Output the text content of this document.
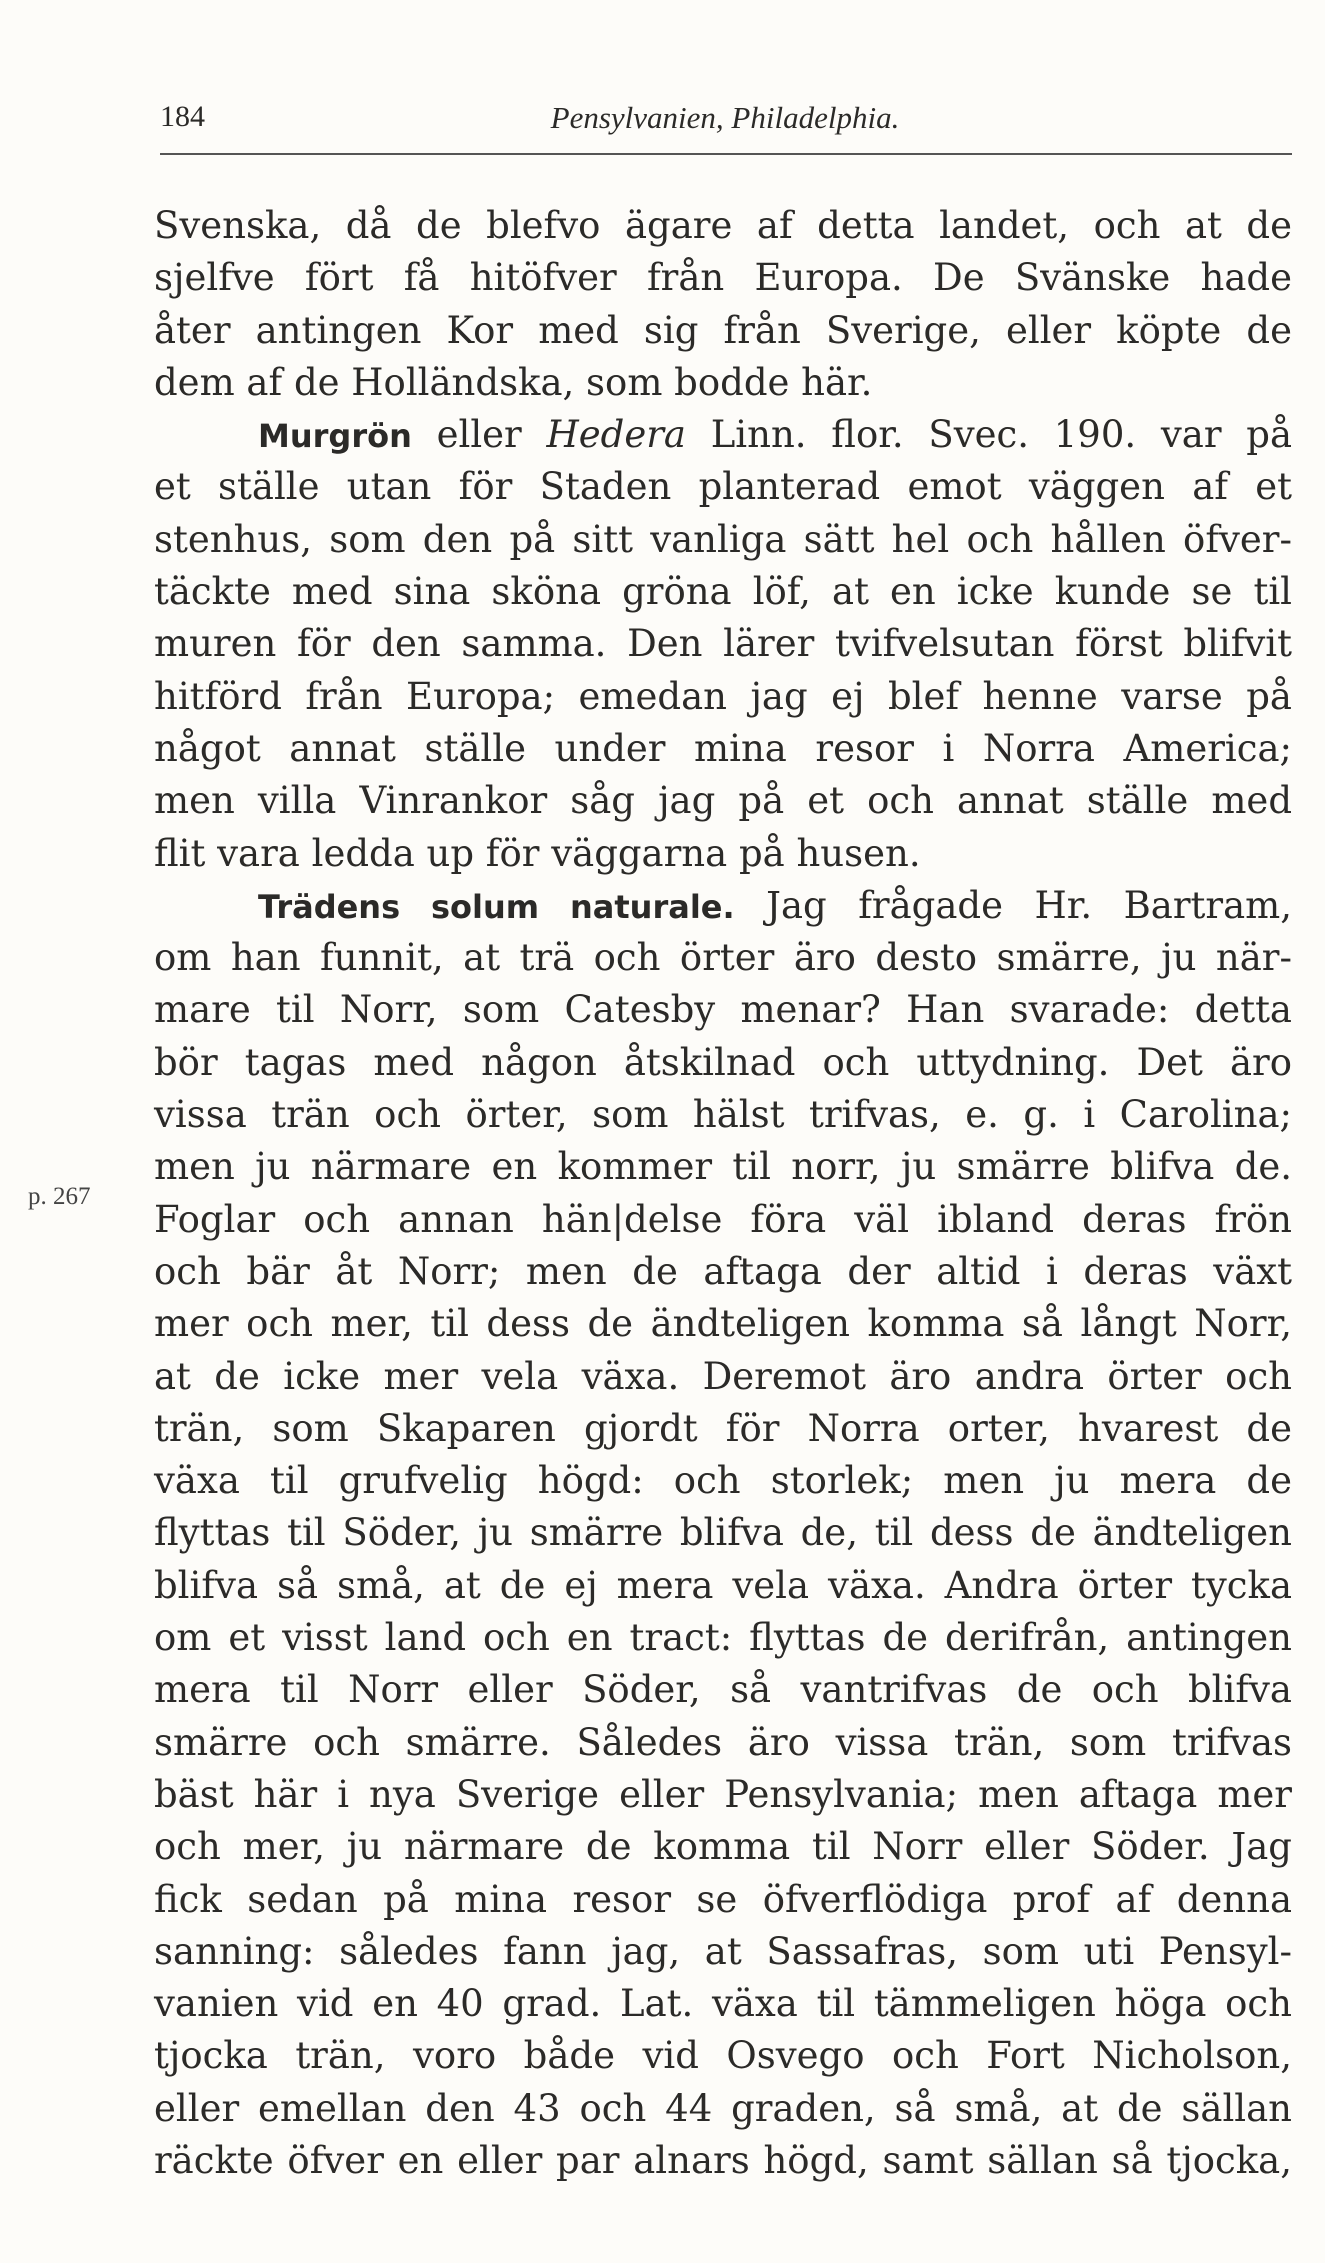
184	Pensylvanien, Philadelphia.
p. 267
Svenska, då de blefvo ägare af detta landet, och at de
sjelfve fört få hitöfver från Europa. De Svänske hade
åter antingen Kor med sig från Sverige, eller köpte de
dem af de Holländska, som bodde här.
Murgrön eller Hedera Linn. flor. Svec. 190. var på
et ställe utan för Staden planterad emot väggen af et
stenhus, som den på sitt vanliga sätt hel och hållen öfver-
täckte med sina sköna gröna löf, at en icke kunde se til
muren för den samma. Den lärer tvifvelsutan först blifvit
hitförd från Europa; emedan jag ej blef henne varse på
något annat ställe under mina resor i Norra America;
men villa Vinrankor såg jag på et och annat ställe med
flit vara ledda up för väggarna på husen.
Trädens solum naturale. Jag frågade Hr. Bartram,
om han funnit, at trä och örter äro desto smärre, ju när-
mare til Norr, som Catesby menar? Han svarade: detta
bör tagas med någon åtskilnad och uttydning. Det äro
vissa trän och örter, som hälst trifvas, e. g. i Carolina;
men ju närmare en kommer til norr, ju smärre blifva de.
Foglar och annan hän|delse föra väl ibland deras frön
och bär åt Norr; men de aftaga der altid i deras växt
mer och mer, til dess de ändteligen komma så långt Norr,
at de icke mer vela växa. Deremot äro andra örter och
trän, som Skaparen gjordt för Norra orter, hvarest de
växa til grufvelig högd: och storlek; men ju mera de
flyttas til Söder, ju smärre blifva de, til dess de ändteligen
blifva så små, at de ej mera vela växa. Andra örter tycka
om et visst land och en tract: flyttas de derifrån, antingen
mera til Norr eller Söder, så vantrifvas de och blifva
smärre och smärre. Således äro vissa trän, som trifvas
bäst här i nya Sverige eller Pensylvania; men aftaga mer
och mer, ju närmare de komma til Norr eller Söder. Jag
fick sedan på mina resor se öfverflödiga prof af denna
sanning: således fann jag, at Sassafras, som uti Pensyl-
vanien vid en 40 grad. Lat. växa til tämmeligen höga och
tjocka trän, voro både vid Osvego och Fort Nicholson,
eller emellan den 43 och 44 graden, så små, at de sällan
räckte öfver en eller par alnars högd, samt sällan så tjocka,
